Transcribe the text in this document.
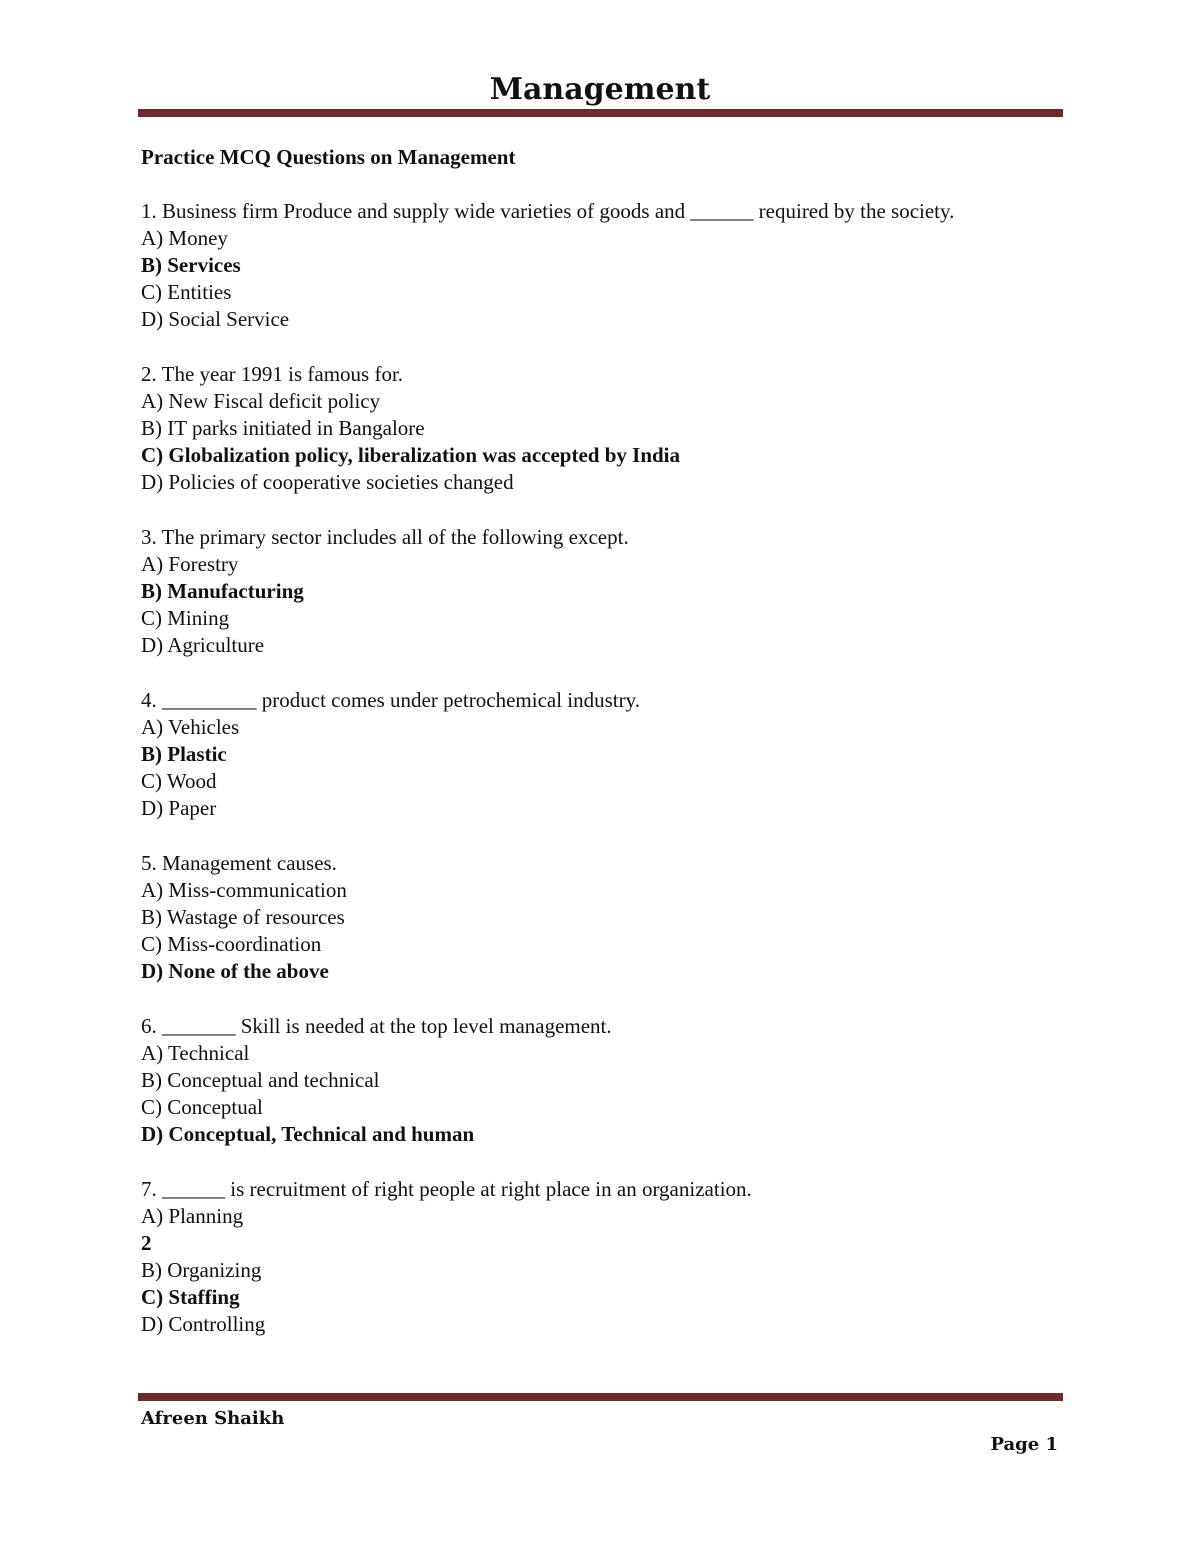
Management
Practice MCQ Questions on Management
1. Business firm Produce and supply wide varieties of goods and ______ required by the society.
A) Money
B) Services
C) Entities
D) Social Service
2. The year 1991 is famous for.
A) New Fiscal deficit policy
B) IT parks initiated in Bangalore
C) Globalization policy, liberalization was accepted by India
D) Policies of cooperative societies changed
3. The primary sector includes all of the following except.
A) Forestry
B) Manufacturing
C) Mining
D) Agriculture
4. _________ product comes under petrochemical industry.
A) Vehicles
B) Plastic
C) Wood
D) Paper
5. Management causes.
A) Miss-communication
B) Wastage of resources
C) Miss-coordination
D) None of the above
6. _______ Skill is needed at the top level management.
A) Technical
B) Conceptual and technical
C) Conceptual
D) Conceptual, Technical and human
7. ______ is recruitment of right people at right place in an organization.
A) Planning
2
B) Organizing
C) Staffing
D) Controlling
Afreen Shaikh
Page 1
